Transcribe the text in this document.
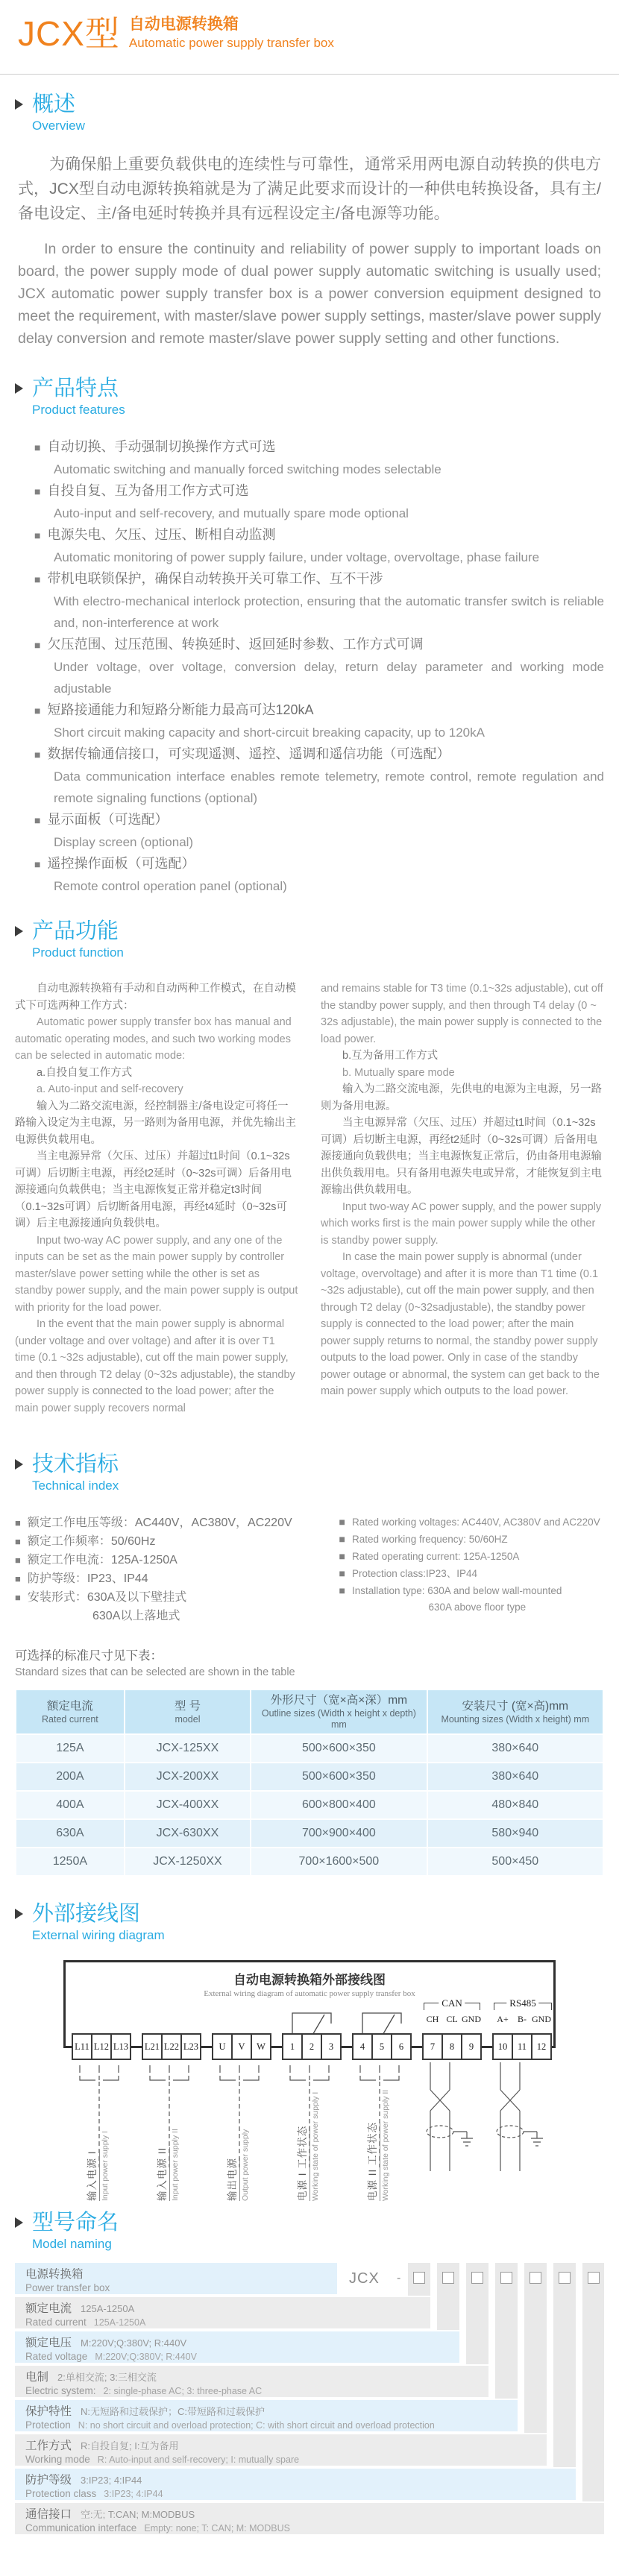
JCX型 自动电源转换箱
Automatic power supply transfer box
概述
Overview

为确保船上重要负载供电的连续性与可靠性，通常采用两电源自动转换的供电方式，JCX型自动电源转换箱就是为了满足此要求而设计的一种供电转换设备，具有主/备电设定、主/备电延时转换并具有远程设定主/备电源等功能。

In order to ensure the continuity and reliability of power supply to important loads on board, the power supply mode of dual power supply automatic switching is usually used; JCX automatic power supply transfer box is a power conversion equipment designed to meet the requirement, with master/slave power supply settings, master/slave power supply delay conversion and remote master/slave power supply setting and other functions.

产品特点
Product features
■ 自动切换、手动强制切换操作方式可选
Automatic switching and manually forced switching modes selectable
■ 自投自复、互为备用工作方式可选
Auto-input and self-recovery, and mutually spare mode optional
■ 电源失电、欠压、过压、断相自动监测
Automatic monitoring of power supply failure, under voltage, overvoltage, phase failure
■ 带机电联锁保护，确保自动转换开关可靠工作、互不干涉
With electro-mechanical interlock protection, ensuring that the automatic transfer switch is reliable and, non-interference at work
■ 欠压范围、过压范围、转换延时、返回延时参数、工作方式可调
Under voltage, over voltage, conversion delay, return delay parameter and working mode adjustable
■ 短路接通能力和短路分断能力最高可达120kA
Short circuit making capacity and short-circuit breaking capacity, up to 120kA
■ 数据传输通信接口，可实现遥测、遥控、遥调和遥信功能（可选配）
Data communication interface enables remote telemetry, remote control, remote regulation and remote signaling functions (optional)
■ 显示面板（可选配）
Display screen (optional)
■ 遥控操作面板（可选配）
Remote control operation panel (optional)
产品功能
Product function

自动电源转换箱有手动和自动两种工作模式，在自动模式下可选两种工作方式：

Automatic power supply transfer box has manual and automatic operating modes, and such two working modes can be selected in automatic mode:

a.自投自复工作方式

a. Auto-input and self-recovery

输入为二路交流电源，经控制器主/备电设定可将任一路输入设定为主电源，另一路则为备用电源，并优先输出主电源供负载用电。

当主电源异常（欠压、过压）并超过t1时间（0.1~32s可调）后切断主电源，再经t2延时（0~32s可调）后备用电源接通向负载供电；当主电源恢复正常并稳定t3时间（0.1~32s可调）后切断备用电源，再经t4延时（0~32s可调）后主电源接通向负载供电。

Input two-way AC power supply, and any one of the inputs can be set as the main power supply by controller master/slave power setting while the other is set as standby power supply, and the main power supply is output with priority for the load power.

In the event that the main power supply is abnormal (under voltage and over voltage) and after it is over T1 time (0.1 ~32s adjustable), cut off the main power supply, and then through T2 delay (0~32s adjustable), the standby power supply is connected to the load power; after the main power supply recovers normal

and remains stable for T3 time (0.1~32s adjustable), cut off the standby power supply, and then through T4 delay (0 ~ 32s adjustable), the main power supply is connected to the load power.

b.互为备用工作方式

b. Mutually spare mode

输入为二路交流电源，先供电的电源为主电源，另一路则为备用电源。

当主电源异常（欠压、过压）并超过t1时间（0.1~32s可调）后切断主电源，再经t2延时（0~32s可调）后备用电源接通向负载供电；当主电源恢复正常后，仍由备用电源输出供负载用电。只有备用电源失电或异常，才能恢复到主电源输出供负载用电。

Input two-way AC power supply, and the power supply which works first is the main power supply while the other is standby power supply.

In case the main power supply is abnormal (under voltage, overvoltage) and after it is more than T1 time (0.1 ~32s adjustable), cut off the main power supply, and then through T2 delay (0~32sadjustable), the standby power supply is connected to the load power; after the main power supply returns to normal, the standby power supply outputs to the load power. Only in case of the standby power outage or abnormal, the system can get back to the main power supply which outputs to the load power.

技术指标
Technical index
■ 额定工作电压等级：AC440V，AC380V，AC220V
■ 额定工作频率：50/60Hz
■ 额定工作电流：125A-1250A
■ 防护等级：IP23、IP44
■ 安装形式：630A及以下壁挂式
630A以上落地式
■ Rated working voltages: AC440V, AC380V and AC220V
■ Rated working frequency: 50/60HZ
■ Rated operating current: 125A-1250A
■ Protection class:IP23、IP44
■ Installation type: 630A and below wall-mounted
630A above floor type
可选择的标准尺寸见下表：
Standard sizes that can be selected are shown in the table
额定电流
Rated current

型 号
model

外形尺寸（宽×高×深）mm
Outline sizes (Width x height x depth) mm

安装尺寸 (宽×高)mm
Mounting sizes (Width x height) mm

125A	JCX-125XX	500×600×350	380×640
200A	JCX-200XX	500×600×350	380×640
400A	JCX-400XX	600×800×400	480×840
630A	JCX-630XX	700×900×400	580×940
1250A	JCX-1250XX	700×1600×500	500×450
外部接线图
External wiring diagram
自动电源转换箱外部接线图
External wiring diagram of automatic power supply transfer box
CAN	RS485
CH CL GND	A+	B- GND
L11 L12 L13	L21 L22 L23	U	V	W	1	2	3	4	5	6	7	8	9	10	11	12
输入电源 I Input power supply I	输入电源 II Input power supply II	输出电源 Output power supply	电源 I 工作状态 Working state of power supply I	电源 II 工作状态 Working state of power supply II
型号命名
Model naming
JCX -
电源转换箱
Power transfer box
额定电流 125A-1250A
Rated current 125A-1250A
额定电压 M:220V;Q:380V; R:440V
Rated voltage M:220V;Q:380V; R:440V
电制 2:单相交流; 3:三相交流
Electric system: 2: single-phase AC; 3: three-phase AC
保护特性 N:无短路和过载保护；C:带短路和过载保护
Protection N: no short circuit and overload protection; C: with short circuit and overload protection
工作方式 R:自投自复; I:互为备用
Working mode R: Auto-input and self-recovery; I: mutually spare
防护等级 3:IP23; 4:IP44
Protection class 3:IP23; 4:IP44
通信接口 空:无; T:CAN; M:MODBUS
Communication interface Empty: none; T: CAN; M: MODBUS
